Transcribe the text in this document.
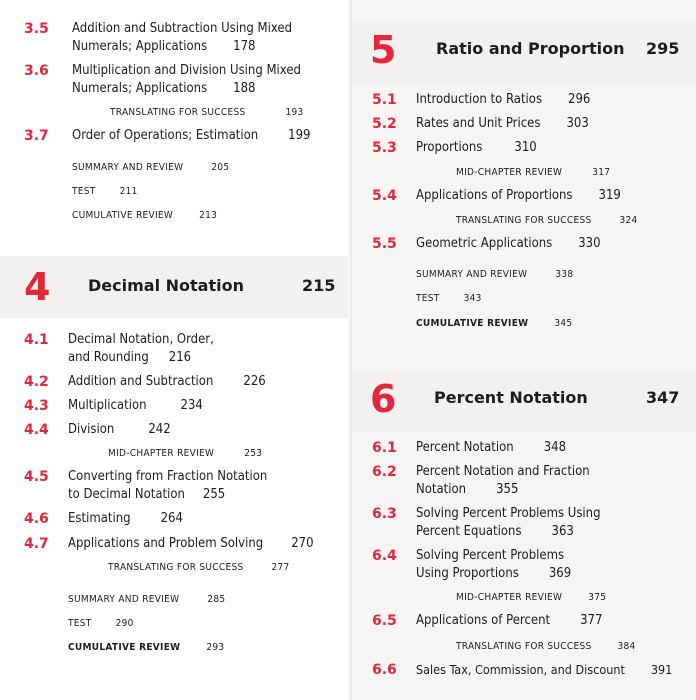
3.5 Addition and Subtraction Using Mixed
Numerals; Applications 178
3.6 Multiplication and Division Using Mixed
Numerals; Applications 188
TRANSLATING FOR SUCCESS	193
3.7 Order of Operations; Estimation 199
SUMMARY AND REVIEW	205
TEST 211
CUMULATIVE REVIEW	213
4 Decimal Notation	215
4.1 Decimal Notation, Order,
and Rounding 216
4.2 Addition and Subtraction 226
4.3 Multiplication	234
4.4 Division	242
MID-CHAPTER REVIEW	253
4.5 Converting from Fraction Notation
to Decimal Notation 255
4.6 Estimating 264
4.7 Applications and Problem Solving 270
TRANSLATING FOR SUCCESS	277
SUMMARY AND REVIEW	285
TEST 290
CUMULATIVE REVIEW	293
5 Ratio and Proportion 295
5.1 Introduction to Ratios 296
5.2 Rates and Unit Prices 303
5.3 Proportions 310
MID-CHAPTER REVIEW	317
5.4 Applications of Proportions 319
TRANSLATING FOR SUCCESS	324
5.5 Geometric Applications 330
SUMMARY AND REVIEW	338
TEST 343
CUMULATIVE REVIEW	345
6 Percent Notation	347
6.1 Percent Notation 348
6.2 Percent Notation and Fraction
Notation 355
6.3 Solving Percent Problems Using
Percent Equations 363
6.4 Solving Percent Problems
Using Proportions 369
MID-CHAPTER REVIEW	375
6.5 Applications of Percent 377
TRANSLATING FOR SUCCESS	384
6.6 Sales Tax, Commission, and Discount 391
